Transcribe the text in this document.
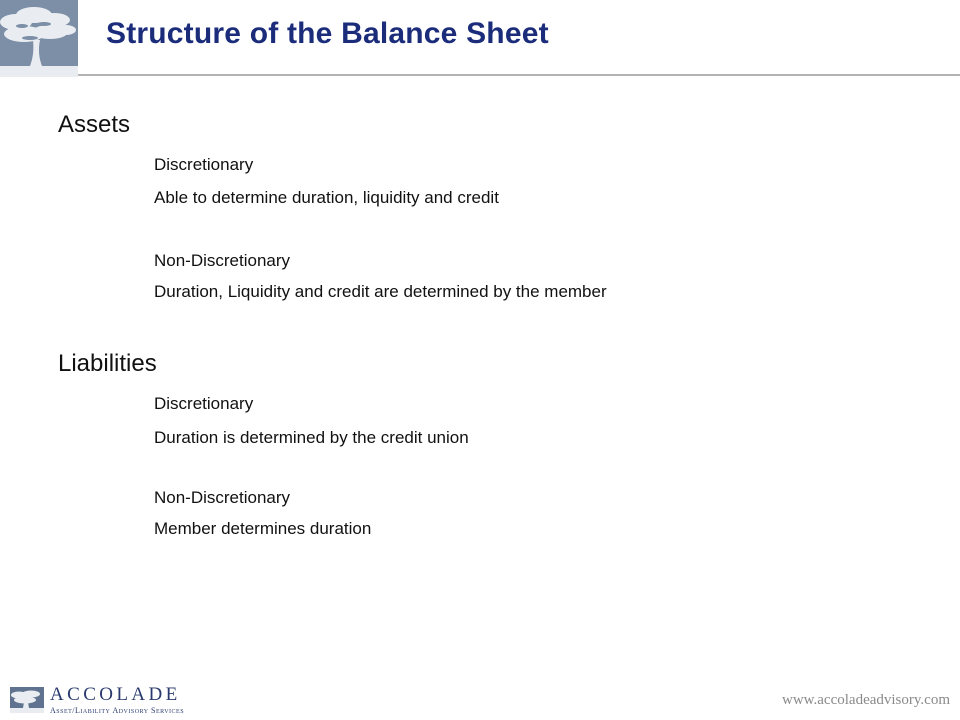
Structure of the Balance Sheet
Assets
Discretionary
Able to determine duration, liquidity and credit
Non-Discretionary
Duration, Liquidity and credit are determined by the member
Liabilities
Discretionary
Duration is determined by the credit union
Non-Discretionary
Member determines duration
ACCOLADE
Asset/Liability Advisory Services
www.accoladeadvisory.com
